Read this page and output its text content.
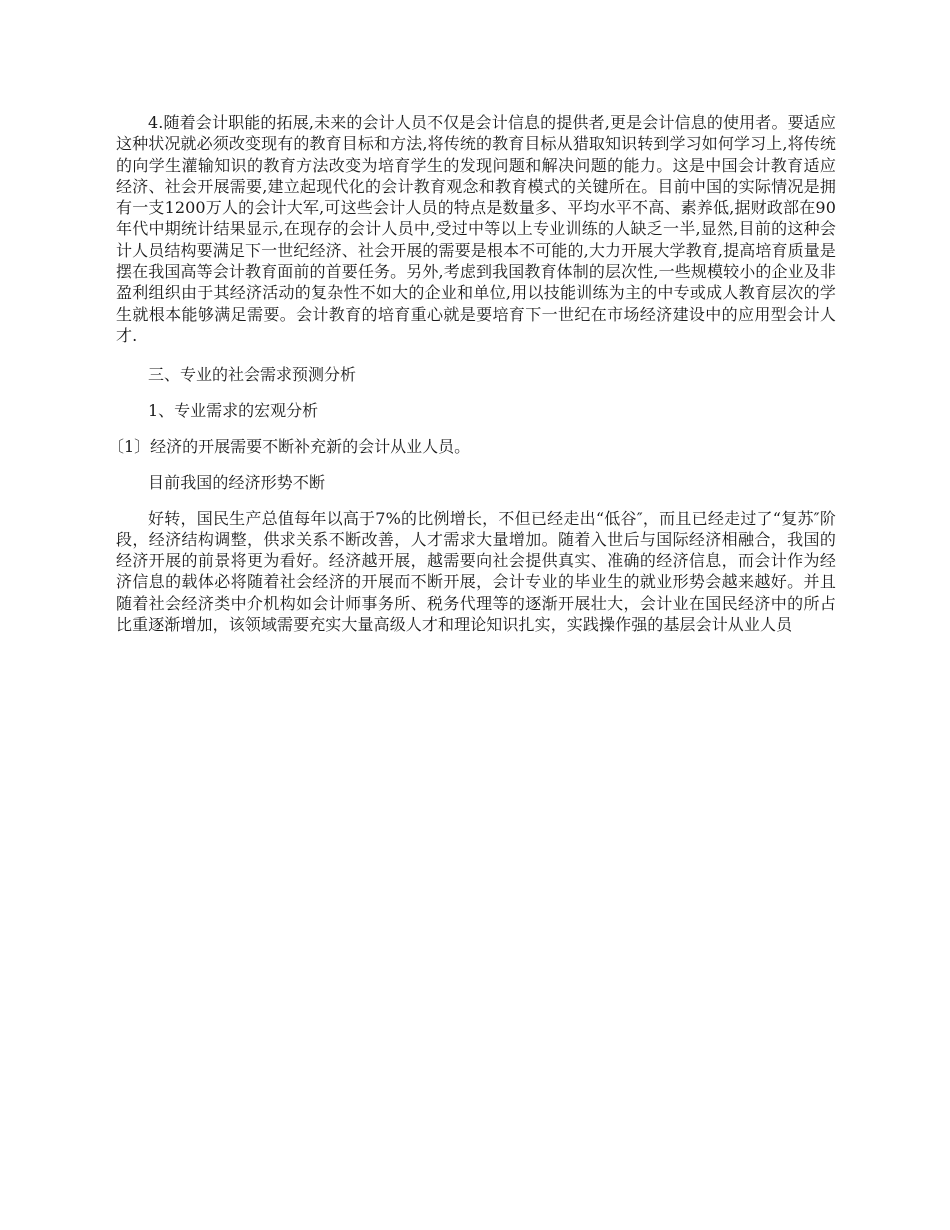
4.随着会计职能的拓展,未来的会计人员不仅是会计信息的提供者,更是会计信息的使用者。要适应这种状况就必须改变现有的教育目标和方法,将传统的教育目标从猎取知识转到学习如何学习上,将传统的向学生灌输知识的教育方法改变为培育学生的发现问题和解决问题的能力。这是中国会计教育适应经济、社会开展需要,建立起现代化的会计教育观念和教育模式的关键所在。目前中国的实际情况是拥有一支1200万人的会计大军,可这些会计人员的特点是数量多、平均水平不高、素养低,据财政部在90年代中期统计结果显示,在现存的会计人员中,受过中等以上专业训练的人缺乏一半,显然,目前的这种会计人员结构要满足下一世纪经济、社会开展的需要是根本不可能的,大力开展大学教育,提高培育质量是摆在我国高等会计教育面前的首要任务。另外,考虑到我国教育体制的层次性,一些规模较小的企业及非盈利组织由于其经济活动的复杂性不如大的企业和单位,用以技能训练为主的中专或成人教育层次的学生就根本能够满足需要。会计教育的培育重心就是要培育下一世纪在市场经济建设中的应用型会计人才.

三、专业的社会需求预测分析

1、专业需求的宏观分析

〔1〕经济的开展需要不断补充新的会计从业人员。

目前我国的经济形势不断

好转，国民生产总值每年以高于7%的比例增长，不但已经走出“低谷″，而且已经走过了“复苏″阶段，经济结构调整，供求关系不断改善，人才需求大量增加。随着入世后与国际经济相融合，我国的经济开展的前景将更为看好。经济越开展，越需要向社会提供真实、准确的经济信息，而会计作为经济信息的载体必将随着社会经济的开展而不断开展，会计专业的毕业生的就业形势会越来越好。并且随着社会经济类中介机构如会计师事务所、税务代理等的逐渐开展壮大，会计业在国民经济中的所占比重逐渐增加，该领域需要充实大量高级人才和理论知识扎实，实践操作强的基层会计从业人员
